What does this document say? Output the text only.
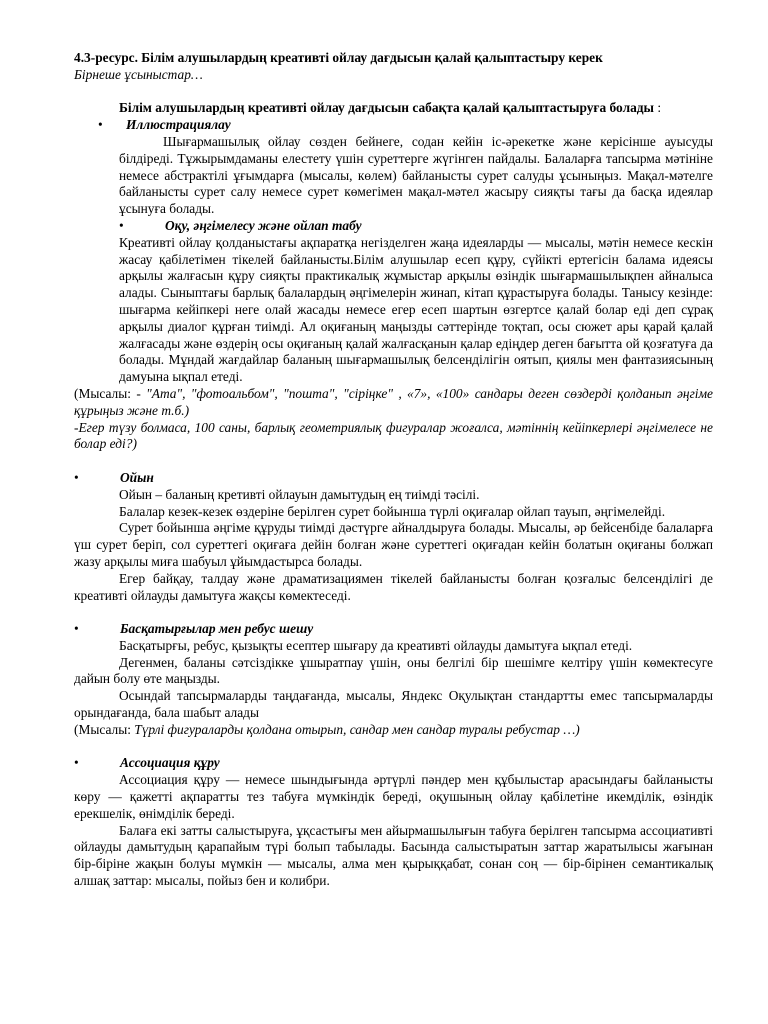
4.3-ресурс. Білім алушылардың креативті ойлау дағдысын қалай қалыптастыру керек

Бірнеше ұсыныстар…

Білім алушылардың креативті ойлау дағдысын сабақта қалай қалыптастыруға болады :

• Иллюстрациялау

Шығармашылық ойлау сөзден бейнеге, содан кейін іс-әрекетке және керісінше ауысуды білдіреді. Тұжырымдаманы елестету үшін суреттерге жүгінген пайдалы. Балаларға тапсырма мәтініне немесе абстрактілі ұғымдарға (мысалы, көлем) байланысты сурет салуды ұсыныңыз. Мақал-мәтелге байланысты сурет салу немесе сурет көмегімен мақал-мәтел жасыру сияқты тағы да басқа идеялар ұсынуға болады.

•	Оқу, әңгімелесу және ойлап табу

Креативті ойлау қолданыстағы ақпаратқа негізделген жаңа идеяларды — мысалы, мәтін немесе кескін жасау қабілетімен тікелей байланысты.Білім алушылар есеп құру, сүйікті ертегісін балама идеясы арқылы жалғасын құру сияқты практикалық жұмыстар арқылы өзіндік шығармашылықпен айналыса алады. Сыныптағы барлық балалардың әңгімелерін жинап, кітап құрастыруға болады. Танысу кезінде: шығарма кейіпкері неге олай жасады немесе егер есеп шартын өзгертсе қалай болар еді деп сұрақ арқылы диалог құрған тиімді. Ал оқиғаның маңызды сәттерінде тоқтап, осы сюжет ары қарай қалай жалғасады және өздерің осы оқиғаның қалай жалғасқанын қалар едіңдер деген бағытта ой қозғатуға да болады. Мұндай жағдайлар баланың шығармашылық белсенділігін оятып, қиялы мен фантазиясының дамуына ықпал етеді.

(Мысалы: - "Ата", "фотоальбом", "пошта", "сіріңке" , «7», «100» сандары деген сөздерді қолданып әңгіме құрыңыз және т.б.)

-Егер түзу болмаса, 100 саны, барлық геометриялық фигуралар жоғалса, мәтіннің кейіпкерлері әңгімелесе не болар еді?)

•	Ойын

Ойын – баланың кретивті ойлауын дамытудың ең тиімді тәсілі.

Балалар кезек-кезек өздеріне берілген сурет бойынша түрлі оқиғалар ойлап тауып, әңгімелейді.

Сурет бойынша әңгіме құруды тиімді дәстүрге айналдыруға болады. Мысалы, әр бейсенбіде балаларға үш сурет беріп, сол суреттегі оқиғаға дейін болған және суреттегі оқиғадан кейін болатын оқиғаны болжап жазу арқылы миға шабуыл ұйымдастырса болады.

Егер байқау, талдау және драматизациямен тікелей байланысты болған қозғалыс белсенділігі де креативті ойлауды дамытуға жақсы көмектеседі.

•	Басқатырғылар мен ребус шешу

Басқатырғы, ребус, қызықты есептер шығару да креативті ойлауды дамытуға ықпал етеді.

Дегенмен, баланы сәтсіздікке ұшыратпау үшін, оны белгілі бір шешімге келтіру үшін көмектесуге дайын болу өте маңызды.

Осындай тапсырмаларды таңдағанда, мысалы, Яндекс Оқулықтан стандартты емес тапсырмаларды орындағанда, бала шабыт алады

(Мысалы: Түрлі фигураларды қолдана отырып, сандар мен сандар туралы ребустар …)

•	Ассоциация құру

Ассоциация құру — немесе шындығында әртүрлі пәндер мен құбылыстар арасындағы байланысты көру — қажетті ақпаратты тез табуға мүмкіндік береді, оқушының ойлау қабілетіне икемділік, өзіндік ерекшелік, өнімділік береді.

Балаға екі затты салыстыруға, ұқсастығы мен айырмашылығын табуға берілген тапсырма ассоциативті ойлауды дамытудың қарапайым түрі болып табылады. Басында салыстыратын заттар жаратылысы жағынан бір-біріне жақын болуы мүмкін — мысалы, алма мен қырыққабат, сонан соң — бір-бірінен семантикалық алшақ заттар: мысалы, пойыз бен и колибри.
